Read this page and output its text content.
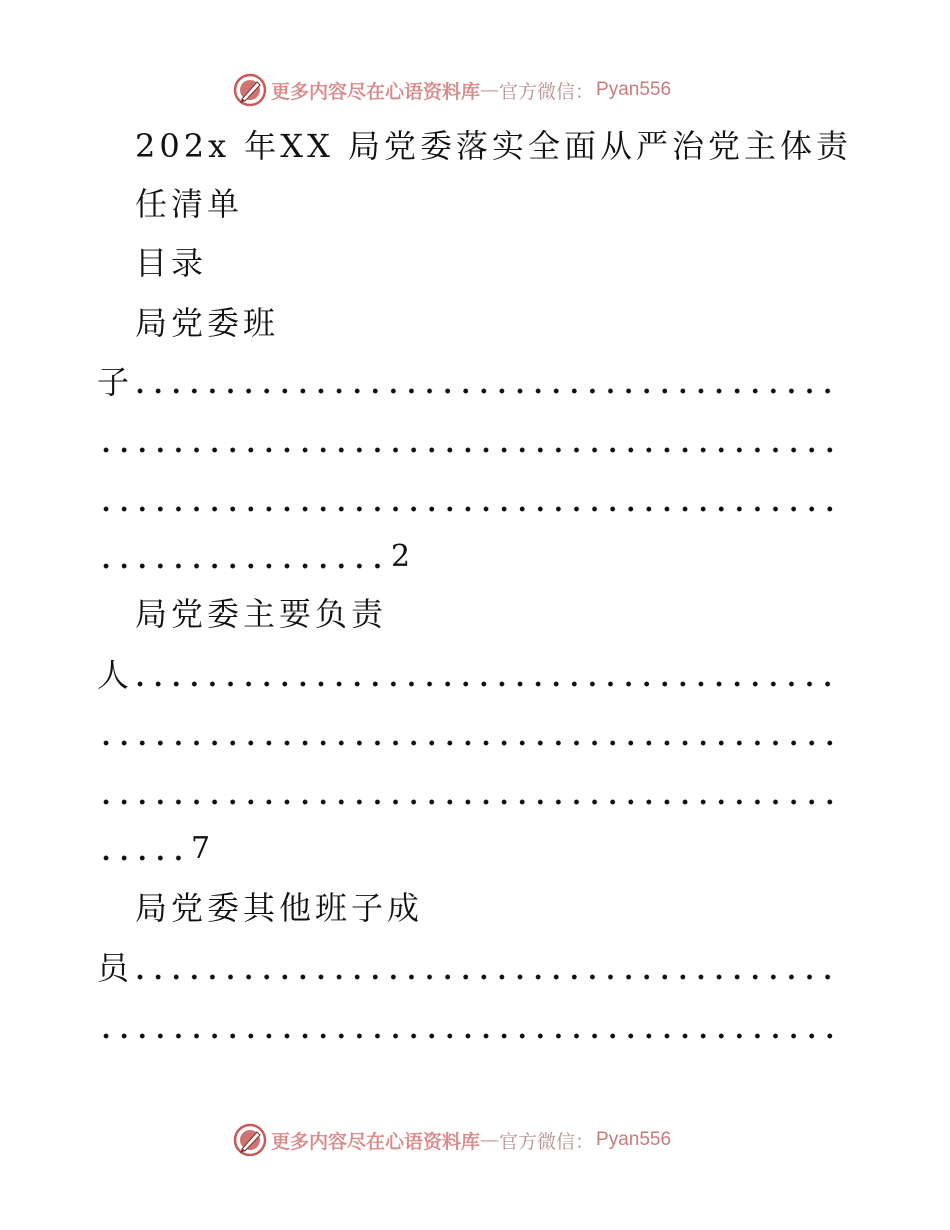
更多内容尽在心语资料库 — 官方微信： Pyan556
202x 年XX 局党委落实全面从严治党主体责
任清单
目录
局党委班
子
2
局党委主要负责
人
7
局党委其他班子成
员
更多内容尽在心语资料库 — 官方微信： Pyan556
